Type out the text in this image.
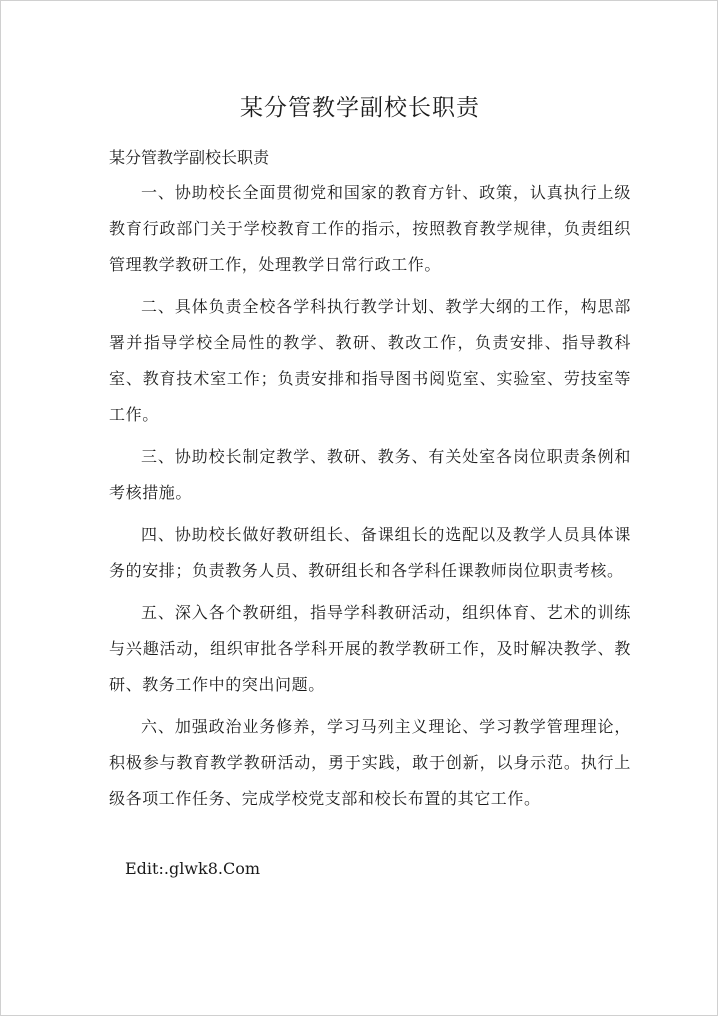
某分管教学副校长职责

某分管教学副校长职责

一、协助校长全面贯彻党和国家的教育方针、政策，认真执行上级教育行政部门关于学校教育工作的指示，按照教育教学规律，负责组织管理教学教研工作，处理教学日常行政工作。

二、具体负责全校各学科执行教学计划、教学大纲的工作，构思部署并指导学校全局性的教学、教研、教改工作，负责安排、指导教科室、教育技术室工作；负责安排和指导图书阅览室、实验室、劳技室等工作。

三、协助校长制定教学、教研、教务、有关处室各岗位职责条例和考核措施。

四、协助校长做好教研组长、备课组长的选配以及教学人员具体课务的安排；负责教务人员、教研组长和各学科任课教师岗位职责考核。

五、深入各个教研组，指导学科教研活动，组织体育、艺术的训练与兴趣活动，组织审批各学科开展的教学教研工作，及时解决教学、教研、教务工作中的突出问题。

六、加强政治业务修养，学习马列主义理论、学习教学管理理论，积极参与教育教学教研活动，勇于实践，敢于创新，以身示范。执行上级各项工作任务、完成学校党支部和校长布置的其它工作。

Edit:.glwk8.Com
